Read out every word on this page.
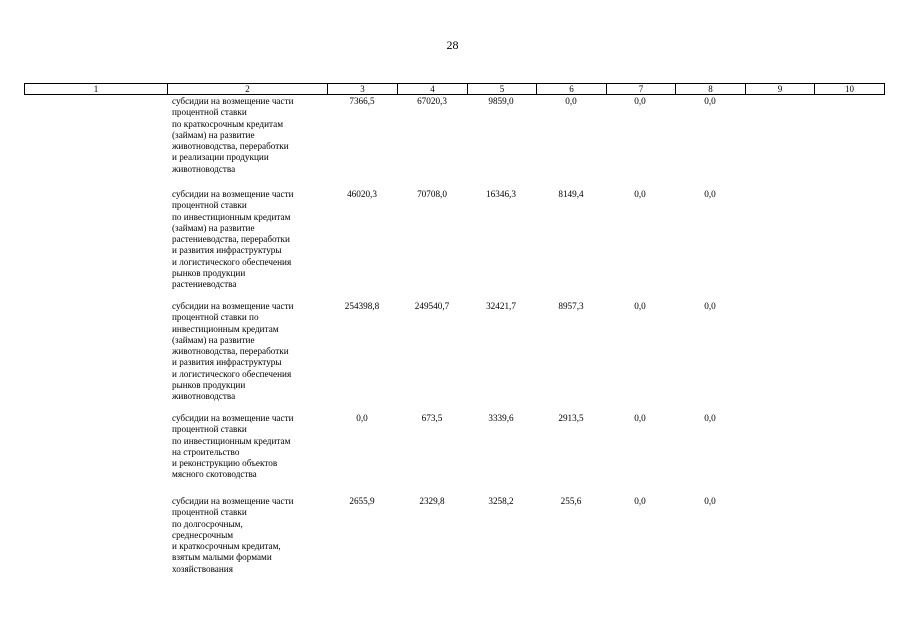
28
1	2	3	4	5	6	7	8	9	10
субсидии на возмещение части
процентной ставки
по краткосрочным кредитам
(займам) на развитие
животноводства, переработки
и реализации продукции
животноводства
7366,5	67020,3	9859,0	0,0	0,0	0,0
субсидии на возмещение части
процентной ставки
по инвестиционным кредитам
(займам) на развитие
растениеводства, переработки
и развития инфраструктуры
и логистического обеспечения
рынков продукции
растениеводства
46020,3	70708,0	16346,3	8149,4	0,0	0,0
субсидии на возмещение части
процентной ставки по
инвестиционным кредитам
(займам) на развитие
животноводства, переработки
и развития инфраструктуры
и логистического обеспечения
рынков продукции
животноводства
254398,8	249540,7	32421,7	8957,3	0,0	0,0
субсидии на возмещение части
процентной ставки
по инвестиционным кредитам
на строительство
и реконструкцию объектов
мясного скотоводства
0,0	673,5	3339,6	2913,5	0,0	0,0
субсидии на возмещение части
процентной ставки
по долгосрочным,
среднесрочным
и краткосрочным кредитам,
взятым малыми формами
хозяйствования
2655,9	2329,8	3258,2	255,6	0,0	0,0
